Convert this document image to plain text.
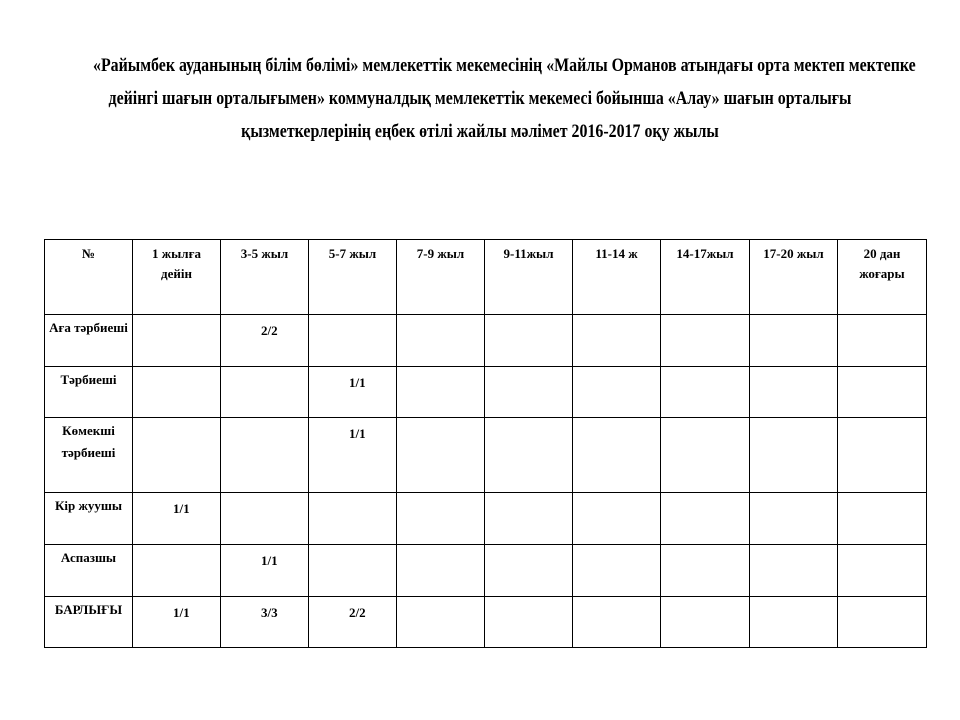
«Райымбек ауданының білім бөлімі» мемлекеттік мекемесінің «Майлы Орманов атындағы орта мектеп мектепке
дейінгі шағын орталығымен» коммуналдық мемлекеттік мекемесі бойынша «Алау» шағын орталығы
қызметкерлерінің еңбек өтілі жайлы мәлімет 2016-2017 оқу жылы
№	1 жылға дейін	3-5 жыл	5-7 жыл	7-9 жыл	9-11жыл	11-14 ж	14-17жыл	17-20 жыл	20 дан жоғары
Аға тәрбиеші		2/2							
Тәрбиеші			1/1						
Көмекші тәрбиеші			1/1						
Кір жуушы	1/1								
Аспазшы		1/1							
БАРЛЫҒЫ	1/1	3/3	2/2						
